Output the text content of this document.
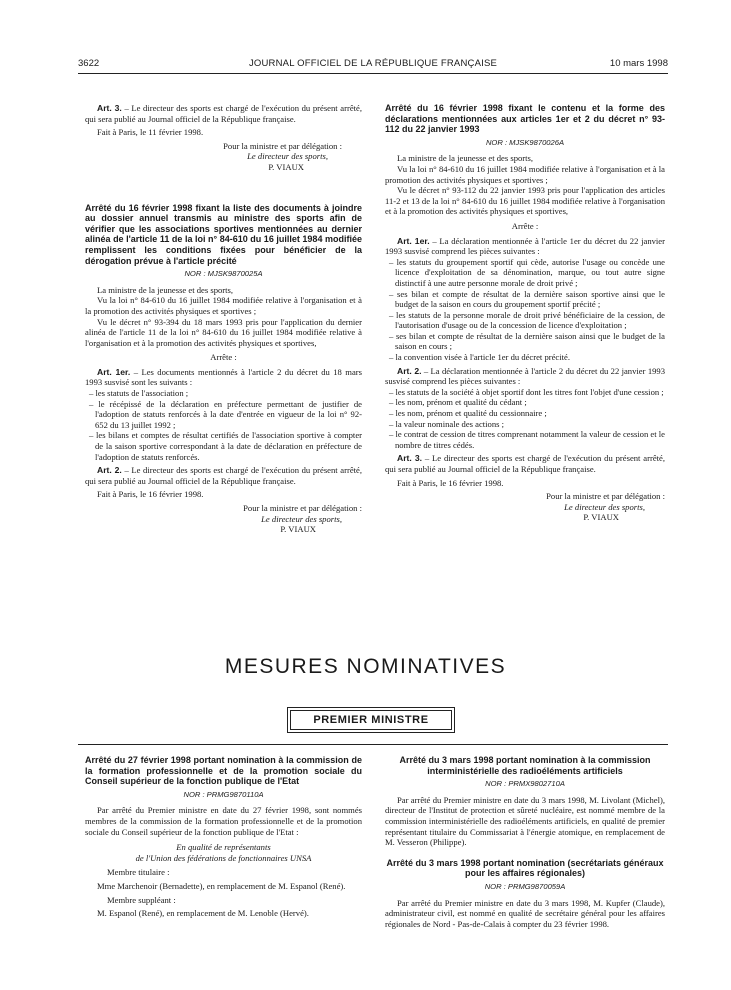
3622	JOURNAL OFFICIEL DE LA RÉPUBLIQUE FRANÇAISE	10 mars 1998

Art. 3. – Le directeur des sports est chargé de l'exécution du présent arrêté, qui sera publié au Journal officiel de la République française.

Fait à Paris, le 11 février 1998.

Pour la ministre et par délégation :

Le directeur des sports,

P. VIAUX

Arrêté du 16 février 1998 fixant la liste des documents à joindre au dossier annuel transmis au ministre des sports afin de vérifier que les associations sportives mentionnées au dernier alinéa de l'article 11 de la loi n° 84-610 du 16 juillet 1984 modifiée remplissent les conditions fixées pour bénéficier de la dérogation prévue à l'article précité

NOR : MJSK9870025A

La ministre de la jeunesse et des sports,

Vu la loi n° 84-610 du 16 juillet 1984 modifiée relative à l'organisation et à la promotion des activités physiques et sportives ;

Vu le décret n° 93-394 du 18 mars 1993 pris pour l'application du dernier alinéa de l'article 11 de la loi n° 84-610 du 16 juillet 1984 modifiée relative à l'organisation et à la promotion des activités physiques et sportives,

Arrête :

Art. 1er. – Les documents mentionnés à l'article 2 du décret du 18 mars 1993 susvisé sont les suivants :

– les statuts de l'association ;

– le récépissé de la déclaration en préfecture permettant de justifier de l'adoption de statuts renforcés à la date d'entrée en vigueur de la loi n° 92-652 du 13 juillet 1992 ;

– les bilans et comptes de résultat certifiés de l'association sportive à compter de la saison sportive correspondant à la date de déclaration en préfecture de l'adoption de statuts renforcés.

Art. 2. – Le directeur des sports est chargé de l'exécution du présent arrêté, qui sera publié au Journal officiel de la République française.

Fait à Paris, le 16 février 1998.

Pour la ministre et par délégation :

Le directeur des sports,

P. VIAUX

Arrêté du 16 février 1998 fixant le contenu et la forme des déclarations mentionnées aux articles 1er et 2 du décret n° 93-112 du 22 janvier 1993

NOR : MJSK9870026A

La ministre de la jeunesse et des sports,

Vu la loi n° 84-610 du 16 juillet 1984 modifiée relative à l'organisation et à la promotion des activités physiques et sportives ;

Vu le décret n° 93-112 du 22 janvier 1993 pris pour l'application des articles 11-2 et 13 de la loi n° 84-610 du 16 juillet 1984 modifiée relative à l'organisation et à la promotion des activités physiques et sportives,

Arrête :

Art. 1er. – La déclaration mentionnée à l'article 1er du décret du 22 janvier 1993 susvisé comprend les pièces suivantes :

– les statuts du groupement sportif qui cède, autorise l'usage ou concède une licence d'exploitation de sa dénomination, marque, ou tout autre signe distinctif à une autre personne morale de droit privé ;

– ses bilan et compte de résultat de la dernière saison sportive ainsi que le budget de la saison en cours du groupement sportif précité ;

– les statuts de la personne morale de droit privé bénéficiaire de la cession, de l'autorisation d'usage ou de la concession de licence d'exploitation ;

– ses bilan et compte de résultat de la dernière saison ainsi que le budget de la saison en cours ;

– la convention visée à l'article 1er du décret précité.

Art. 2. – La déclaration mentionnée à l'article 2 du décret du 22 janvier 1993 susvisé comprend les pièces suivantes :

– les statuts de la société à objet sportif dont les titres font l'objet d'une cession ;

– les nom, prénom et qualité du cédant ;

– les nom, prénom et qualité du cessionnaire ;

– la valeur nominale des actions ;

– le contrat de cession de titres comprenant notamment la valeur de cession et le nombre de titres cédés.

Art. 3. – Le directeur des sports est chargé de l'exécution du présent arrêté, qui sera publié au Journal officiel de la République française.

Fait à Paris, le 16 février 1998.

Pour la ministre et par délégation :

Le directeur des sports,

P. VIAUX

MESURES NOMINATIVES
PREMIER MINISTRE

Arrêté du 27 février 1998 portant nomination à la commission de la formation professionnelle et de la promotion sociale du Conseil supérieur de la fonction publique de l'Etat

NOR : PRMG9870110A

Par arrêté du Premier ministre en date du 27 février 1998, sont nommés membres de la commission de la formation professionnelle et de la promotion sociale du Conseil supérieur de la fonction publique de l'Etat :

En qualité de représentants

de l'Union des fédérations de fonctionnaires UNSA

Membre titulaire :

Mme Marchenoir (Bernadette), en remplacement de M. Espanol (René).

Membre suppléant :

M. Espanol (René), en remplacement de M. Lenoble (Hervé).

Arrêté du 3 mars 1998 portant nomination à la commission interministérielle des radioéléments artificiels

NOR : PRMX9802710A

Par arrêté du Premier ministre en date du 3 mars 1998, M. Livolant (Michel), directeur de l'Institut de protection et sûreté nucléaire, est nommé membre de la commission interministérielle des radioéléments artificiels, en qualité de premier représentant titulaire du Commissariat à l'énergie atomique, en remplacement de M. Vesseron (Philippe).

Arrêté du 3 mars 1998 portant nomination (secrétariats généraux pour les affaires régionales)

NOR : PRMG9870059A

Par arrêté du Premier ministre en date du 3 mars 1998, M. Kupfer (Claude), administrateur civil, est nommé en qualité de secrétaire général pour les affaires régionales de Nord - Pas-de-Calais à compter du 23 février 1998.
